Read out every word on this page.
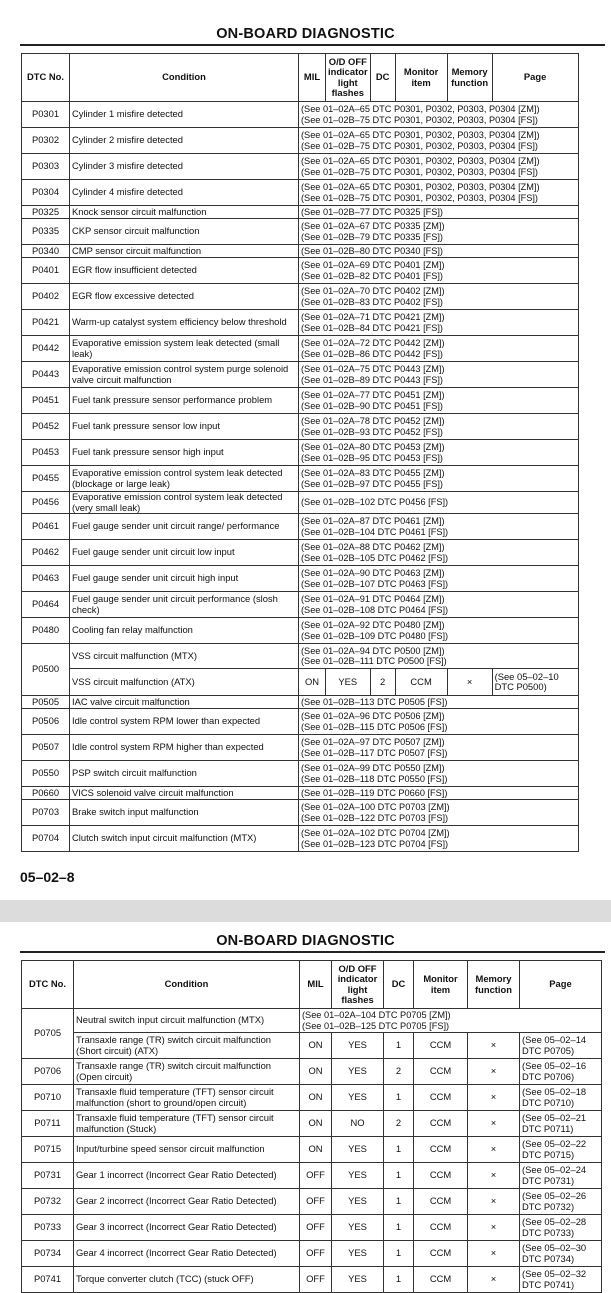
ON-BOARD DIAGNOSTIC
DTC No.	Condition	MIL	O/D OFF indicator light flashes	DC	Monitor item	Memory function	Page
P0301	Cylinder 1 misfire detected	(See 01–02A–65 DTC P0301, P0302, P0303, P0304 [ZM])
(See 01–02B–75 DTC P0301, P0302, P0303, P0304 [FS])					

P0302	Cylinder 2 misfire detected	(See 01–02A–65 DTC P0301, P0302, P0303, P0304 [ZM])
(See 01–02B–75 DTC P0301, P0302, P0303, P0304 [FS])					

P0303	Cylinder 3 misfire detected	(See 01–02A–65 DTC P0301, P0302, P0303, P0304 [ZM])
(See 01–02B–75 DTC P0301, P0302, P0303, P0304 [FS])					

P0304	Cylinder 4 misfire detected	(See 01–02A–65 DTC P0301, P0302, P0303, P0304 [ZM])
(See 01–02B–75 DTC P0301, P0302, P0303, P0304 [FS])					

P0325	Knock sensor circuit malfunction	(See 01–02B–77 DTC P0325 [FS])					

P0335	CKP sensor circuit malfunction	(See 01–02A–67 DTC P0335 [ZM])
(See 01–02B–79 DTC P0335 [FS])					

P0340	CMP sensor circuit malfunction	(See 01–02B–80 DTC P0340 [FS])					

P0401	EGR flow insufficient detected	(See 01–02A–69 DTC P0401 [ZM])
(See 01–02B–82 DTC P0401 [FS])					

P0402	EGR flow excessive detected	(See 01–02A–70 DTC P0402 [ZM])
(See 01–02B–83 DTC P0402 [FS])					

P0421	Warm-up catalyst system efficiency below threshold	(See 01–02A–71 DTC P0421 [ZM])
(See 01–02B–84 DTC P0421 [FS])					

P0442	Evaporative emission system leak detected (small leak)	(See 01–02A–72 DTC P0442 [ZM])
(See 01–02B–86 DTC P0442 [FS])					

P0443	Evaporative emission control system purge solenoid valve circuit malfunction	(See 01–02A–75 DTC P0443 [ZM])
(See 01–02B–89 DTC P0443 [FS])					

P0451	Fuel tank pressure sensor performance problem	(See 01–02A–77 DTC P0451 [ZM])
(See 01–02B–90 DTC P0451 [FS])					

P0452	Fuel tank pressure sensor low input	(See 01–02A–78 DTC P0452 [ZM])
(See 01–02B–93 DTC P0452 [FS])					

P0453	Fuel tank pressure sensor high input	(See 01–02A–80 DTC P0453 [ZM])
(See 01–02B–95 DTC P0453 [FS])					

P0455	Evaporative emission control system leak detected (blockage or large leak)	(See 01–02A–83 DTC P0455 [ZM])
(See 01–02B–97 DTC P0455 [FS])					

P0456	Evaporative emission control system leak detected (very small leak)	(See 01–02B–102 DTC P0456 [FS])					

P0461	Fuel gauge sender unit circuit range/ performance	(See 01–02A–87 DTC P0461 [ZM])
(See 01–02B–104 DTC P0461 [FS])					

P0462	Fuel gauge sender unit circuit low input	(See 01–02A–88 DTC P0462 [ZM])
(See 01–02B–105 DTC P0462 [FS])					

P0463	Fuel gauge sender unit circuit high input	(See 01–02A–90 DTC P0463 [ZM])
(See 01–02B–107 DTC P0463 [FS])					

P0464	Fuel gauge sender unit circuit performance (slosh check)	(See 01–02A–91 DTC P0464 [ZM])
(See 01–02B–108 DTC P0464 [FS])					

P0480	Cooling fan relay malfunction	(See 01–02A–92 DTC P0480 [ZM])
(See 01–02B–109 DTC P0480 [FS])					

P0500	VSS circuit malfunction (MTX)	(See 01–02A–94 DTC P0500 [ZM])
(See 01–02B–111 DTC P0500 [FS])					

	VSS circuit malfunction (ATX)	ON	YES	2	CCM	×	(See 05–02–10 DTC P0500)
P0505	IAC valve circuit malfunction	(See 01–02B–113 DTC P0505 [FS])					

P0506	Idle control system RPM lower than expected	(See 01–02A–96 DTC P0506 [ZM])
(See 01–02B–115 DTC P0506 [FS])					

P0507	Idle control system RPM higher than expected	(See 01–02A–97 DTC P0507 [ZM])
(See 01–02B–117 DTC P0507 [FS])					

P0550	PSP switch circuit malfunction	(See 01–02A–99 DTC P0550 [ZM])
(See 01–02B–118 DTC P0550 [FS])					

P0660	VICS solenoid valve circuit malfunction	(See 01–02B–119 DTC P0660 [FS])					

P0703	Brake switch input malfunction	(See 01–02A–100 DTC P0703 [ZM])
(See 01–02B–122 DTC P0703 [FS])					

P0704	Clutch switch input circuit malfunction (MTX)	(See 01–02A–102 DTC P0704 [ZM])
(See 01–02B–123 DTC P0704 [FS])					
05–02–8
ON-BOARD DIAGNOSTIC
DTC No.	Condition	MIL	O/D OFF indicator light flashes	DC	Monitor item	Memory function	Page
P0705	Neutral switch input circuit malfunction (MTX)	(See 01–02A–104 DTC P0705 [ZM])
(See 01–02B–125 DTC P0705 [FS])					

	Transaxle range (TR) switch circuit malfunction (Short circuit) (ATX)	ON	YES	1	CCM	×	(See 05–02–14 DTC P0705)
P0706	Transaxle range (TR) switch circuit malfunction (Open circuit)	ON	YES	2	CCM	×	(See 05–02–16 DTC P0706)
P0710	Transaxle fluid temperature (TFT) sensor circuit malfunction (short to ground/open circuit)	ON	YES	1	CCM	×	(See 05–02–18 DTC P0710)
P0711	Transaxle fluid temperature (TFT) sensor circuit malfunction (Stuck)	ON	NO	2	CCM	×	(See 05–02–21 DTC P0711)
P0715	Input/turbine speed sensor circuit malfunction	ON	YES	1	CCM	×	(See 05–02–22 DTC P0715)
P0731	Gear 1 incorrect (Incorrect Gear Ratio Detected)	OFF	YES	1	CCM	×	(See 05–02–24 DTC P0731)
P0732	Gear 2 incorrect (Incorrect Gear Ratio Detected)	OFF	YES	1	CCM	×	(See 05–02–26 DTC P0732)
P0733	Gear 3 incorrect (Incorrect Gear Ratio Detected)	OFF	YES	1	CCM	×	(See 05–02–28 DTC P0733)
P0734	Gear 4 incorrect (Incorrect Gear Ratio Detected)	OFF	YES	1	CCM	×	(See 05–02–30 DTC P0734)
P0741	Torque converter clutch (TCC) (stuck OFF)	OFF	YES	1	CCM	×	(See 05–02–32 DTC P0741)
